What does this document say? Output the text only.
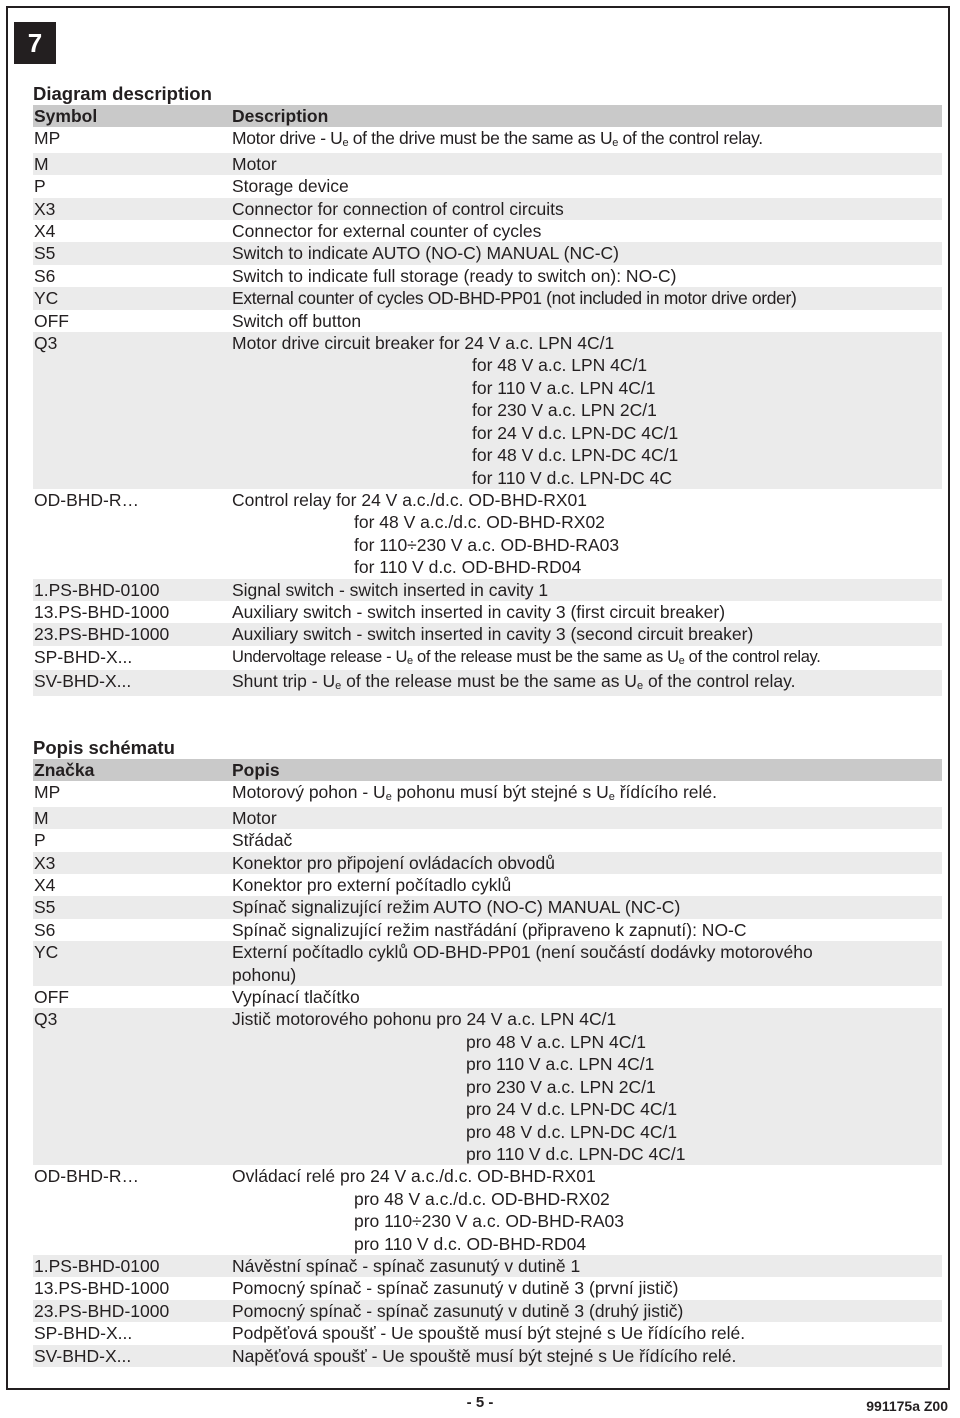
7
Diagram description
Symbol	Description
MP	Motor drive - Ue of the drive must be the same as Ue of the control relay.
M	Motor
P	Storage device
X3	Connector for connection of control circuits
X4	Connector for external counter of cycles
S5	Switch to indicate AUTO (NO-C) MANUAL (NC-C)
S6	Switch to indicate full storage (ready to switch on): NO-C)
YC	External counter of cycles OD-BHD-PP01 (not included in motor drive order)
OFF	Switch off button
Q3	Motor drive circuit breaker for 24 V a.c. LPN 4C/1
for 48 V a.c. LPN 4C/1
for 110 V a.c. LPN 4C/1
for 230 V a.c. LPN 2C/1
for 24 V d.c. LPN-DC 4C/1
for 48 V d.c. LPN-DC 4C/1
for 110 V d.c. LPN-DC 4C
OD-BHD-R…	Control relay for 24 V a.c./d.c. OD-BHD-RX01
for 48 V a.c./d.c. OD-BHD-RX02
for 110÷230 V a.c. OD-BHD-RA03
for 110 V d.c. OD-BHD-RD04
1.PS-BHD-0100	Signal switch - switch inserted in cavity 1
13.PS-BHD-1000	Auxiliary switch - switch inserted in cavity 3 (first circuit breaker)
23.PS-BHD-1000	Auxiliary switch - switch inserted in cavity 3 (second circuit breaker)
SP-BHD-X...	Undervoltage release - Ue of the release must be the same as Ue of the control relay.
SV-BHD-X...	Shunt trip - Ue of the release must be the same as Ue of the control relay.
Popis schématu
Značka	Popis
MP	Motorový pohon - Ue pohonu musí být stejné s Ue řídícího relé.
M	Motor
P	Střádač
X3	Konektor pro připojení ovládacích obvodů
X4	Konektor pro externí počítadlo cyklů
S5	Spínač signalizující režim AUTO (NO-C) MANUAL (NC-C)
S6	Spínač signalizující režim nastřádání (připraveno k zapnutí): NO-C
YC	Externí počítadlo cyklů OD-BHD-PP01 (není součástí dodávky motorového
pohonu)
OFF	Vypínací tlačítko
Q3	Jistič motorového pohonu pro 24 V a.c. LPN 4C/1
pro 48 V a.c. LPN 4C/1
pro 110 V a.c. LPN 4C/1
pro 230 V a.c. LPN 2C/1
pro 24 V d.c. LPN-DC 4C/1
pro 48 V d.c. LPN-DC 4C/1
pro 110 V d.c. LPN-DC 4C/1
OD-BHD-R…	Ovládací relé pro 24 V a.c./d.c. OD-BHD-RX01
pro 48 V a.c./d.c. OD-BHD-RX02
pro 110÷230 V a.c. OD-BHD-RA03
pro 110 V d.c. OD-BHD-RD04
1.PS-BHD-0100	Návěstní spínač - spínač zasunutý v dutině 1
13.PS-BHD-1000	Pomocný spínač - spínač zasunutý v dutině 3 (první jistič)
23.PS-BHD-1000	Pomocný spínač - spínač zasunutý v dutině 3 (druhý jistič)
SP-BHD-X...	Podpěťová spoušť - Ue spouště musí být stejné s Ue řídícího relé.
SV-BHD-X...	Napěťová spoušť - Ue spouště musí být stejné s Ue řídícího relé.
- 5 -	991175a Z00
